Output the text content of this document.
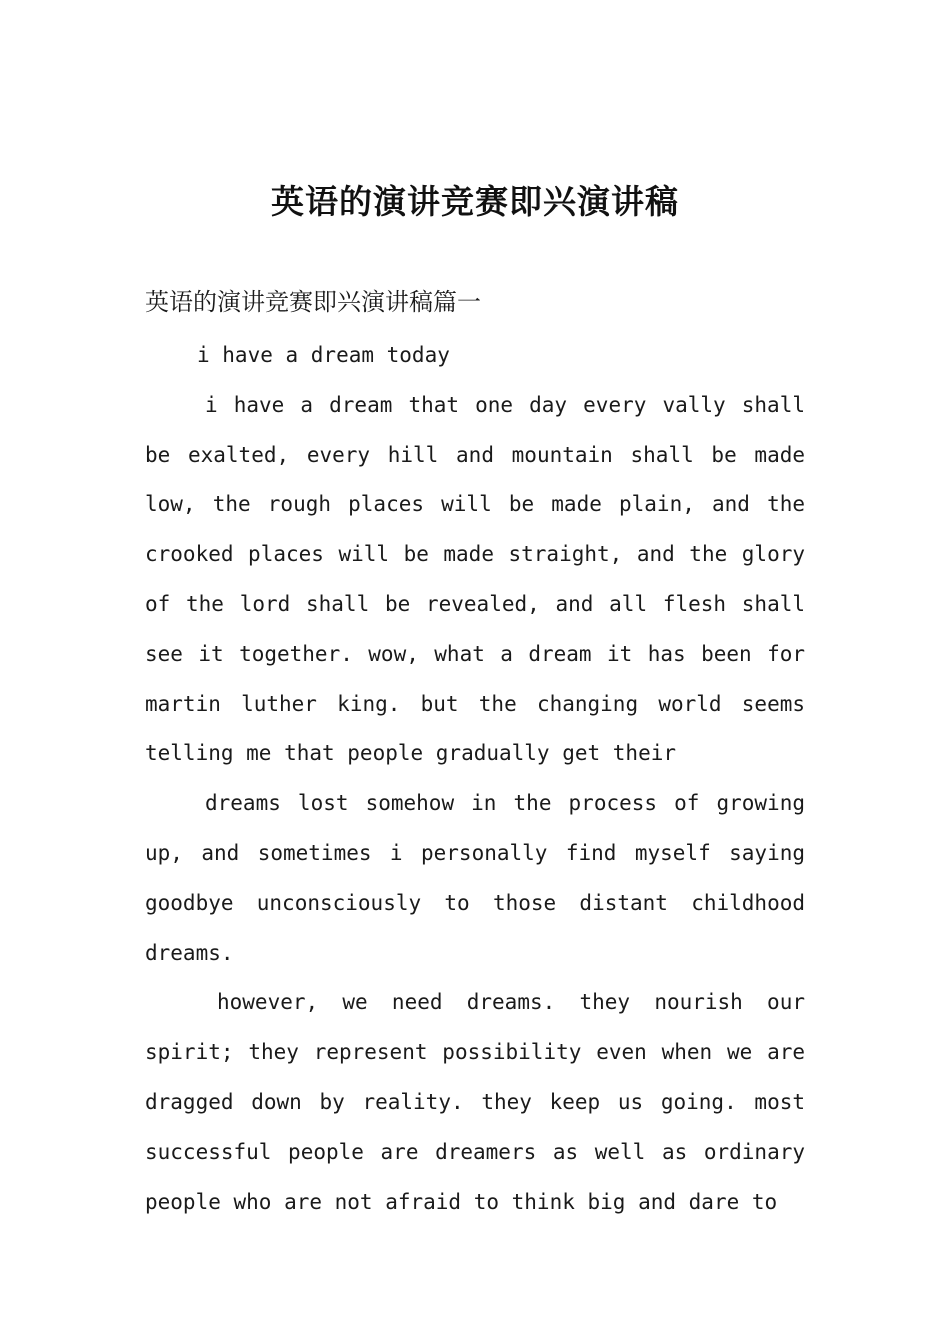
英语的演讲竞赛即兴演讲稿
英语的演讲竞赛即兴演讲稿篇一

i have a dream today

i have a dream that one day every vally shall be exalted, every hill and mountain shall be made low, the rough places will be made plain, and the crooked places will be made straight, and the glory of the lord shall be revealed, and all flesh shall see it together. wow, what a dream it has been for martin luther king. but the changing world seems telling me that people gradually get their

dreams lost somehow in the process of growing up, and sometimes i personally find myself saying goodbye unconsciously to those distant childhood dreams.

however, we need dreams. they nourish our spirit; they represent possibility even when we are dragged down by reality. they keep us going. most successful people are dreamers as well as ordinary people who are not afraid to think big and dare to
